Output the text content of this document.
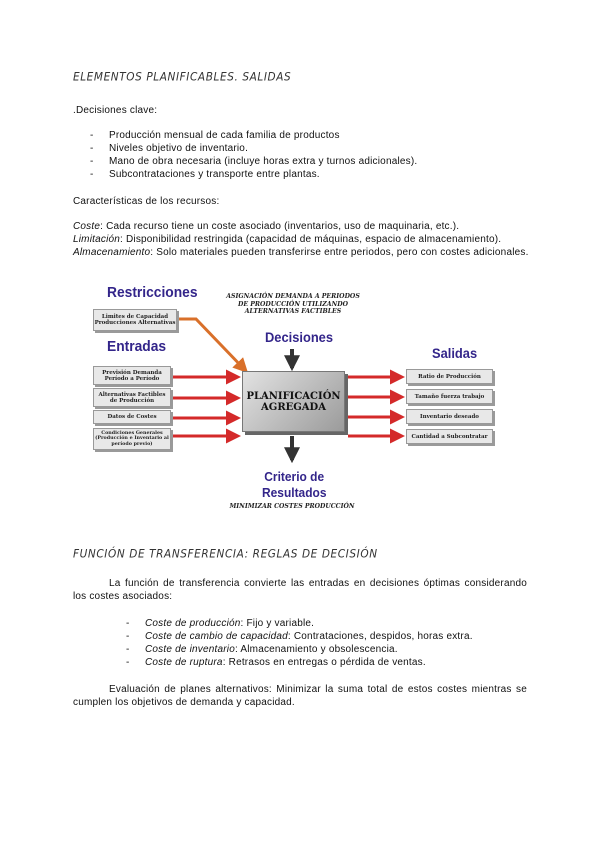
ELEMENTOS PLANIFICABLES. SALIDAS
.Decisiones clave:
- Producción mensual de cada familia de productos
- Niveles objetivo de inventario.
- Mano de obra necesaria (incluye horas extra y turnos adicionales).
- Subcontrataciones y transporte entre plantas.
Características de los recursos:
Coste: Cada recurso tiene un coste asociado (inventarios, uso de maquinaria, etc.).
Limitación: Disponibilidad restringida (capacidad de máquinas, espacio de almacenamiento).
Almacenamiento: Solo materiales pueden transferirse entre periodos, pero con costes adicionales.
Restricciones
Limites de Capacidad Producciones Alternativas
Entradas
Previsión Demanda Período a Período
Alternativas Factibles de Producción
Datos de Costes
Condiciones Generales (Producción e Inventario al período previo)
ASIGNACIÓN DEMANDA A PERIODOS DE PRODUCCIÓN UTILIZANDO ALTERNATIVAS FACTIBLES
Decisiones
PLANIFICACIÓN
AGREGADA
Salidas
Ratio de Producción
Tamaño fuerza trabajo
Inventario deseado
Cantidad a Subcontratar
Criterio de
Resultados
MINIMIZAR COSTES PRODUCCIÓN
FUNCIÓN DE TRANSFERENCIA: REGLAS DE DECISIÓN
La función de transferencia convierte las entradas en decisiones óptimas considerando los costes asociados:
- Coste de producción: Fijo y variable.
- Coste de cambio de capacidad: Contrataciones, despidos, horas extra.
- Coste de inventario: Almacenamiento y obsolescencia.
- Coste de ruptura: Retrasos en entregas o pérdida de ventas.
Evaluación de planes alternativos: Minimizar la suma total de estos costes mientras se cumplen los objetivos de demanda y capacidad.
